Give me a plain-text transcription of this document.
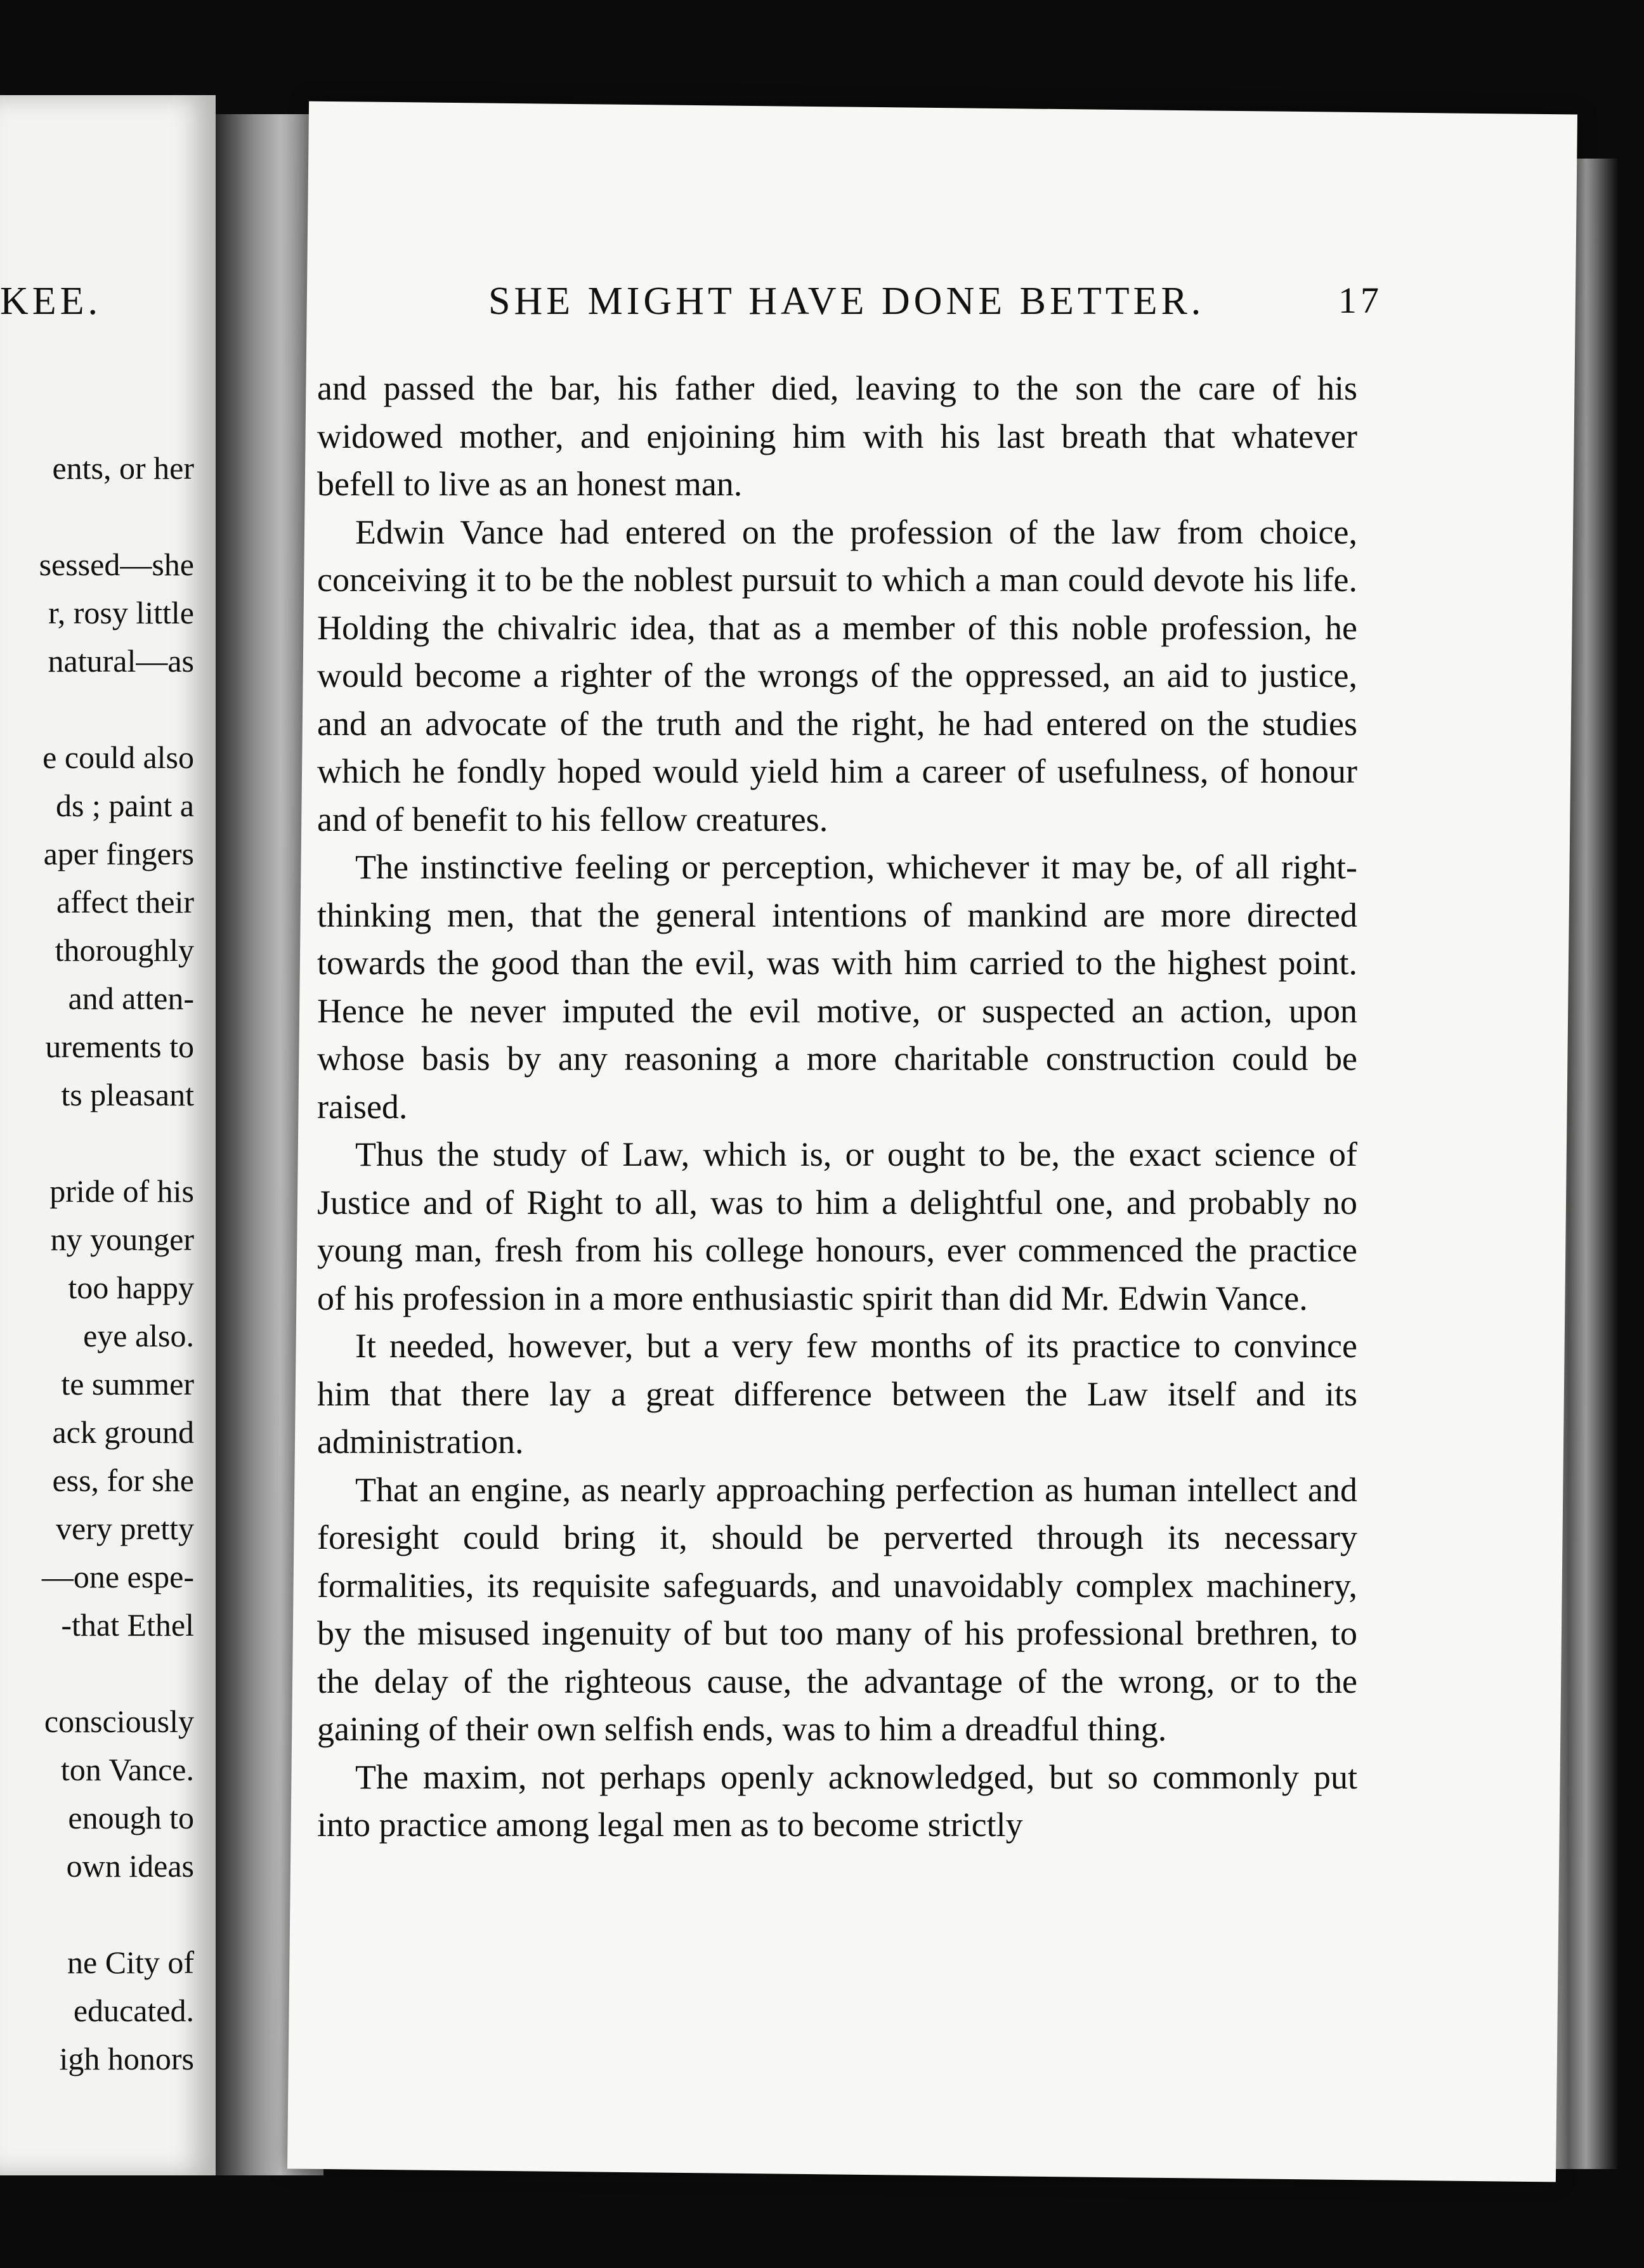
KEE.
ents, or her
sessed—she
r, rosy little
natural—as
e could also
ds ; paint a
aper fingers
affect their
thoroughly
and atten-
urements to
ts pleasant
pride of his
ny younger
too happy
eye also.
te summer
ack ground
ess, for she
very pretty
—one espe-
-that Ethel
consciously
ton Vance.
enough to
own ideas
ne City of
educated.
igh honors
SHE MIGHT HAVE DONE BETTER.	17

and passed the bar, his father died, leaving to the son the care of his widowed mother, and enjoining him with his last breath that whatever befell to live as an honest man.

Edwin Vance had entered on the profession of the law from choice, conceiving it to be the noblest pursuit to which a man could devote his life. Holding the chivalric idea, that as a member of this noble profession, he would become a righter of the wrongs of the oppressed, an aid to justice, and an advocate of the truth and the right, he had entered on the studies which he fondly hoped would yield him a career of usefulness, of honour and of benefit to his fellow creatures.

The instinctive feeling or perception, whichever it may be, of all right-thinking men, that the general intentions of mankind are more directed towards the good than the evil, was with him carried to the highest point. Hence he never imputed the evil motive, or suspected an action, upon whose basis by any reasoning a more charitable construction could be raised.

Thus the study of Law, which is, or ought to be, the exact science of Justice and of Right to all, was to him a delightful one, and probably no young man, fresh from his college honours, ever commenced the practice of his profession in a more enthusiastic spirit than did Mr. Edwin Vance.

It needed, however, but a very few months of its practice to convince him that there lay a great difference between the Law itself and its administration.

That an engine, as nearly approaching perfection as human intellect and foresight could bring it, should be perverted through its necessary formalities, its requisite safeguards, and unavoidably complex machinery, by the misused ingenuity of but too many of his professional brethren, to the delay of the righteous cause, the advantage of the wrong, or to the gaining of their own selfish ends, was to him a dreadful thing.

The maxim, not perhaps openly acknowledged, but so commonly put into practice among legal men as to become strictly
